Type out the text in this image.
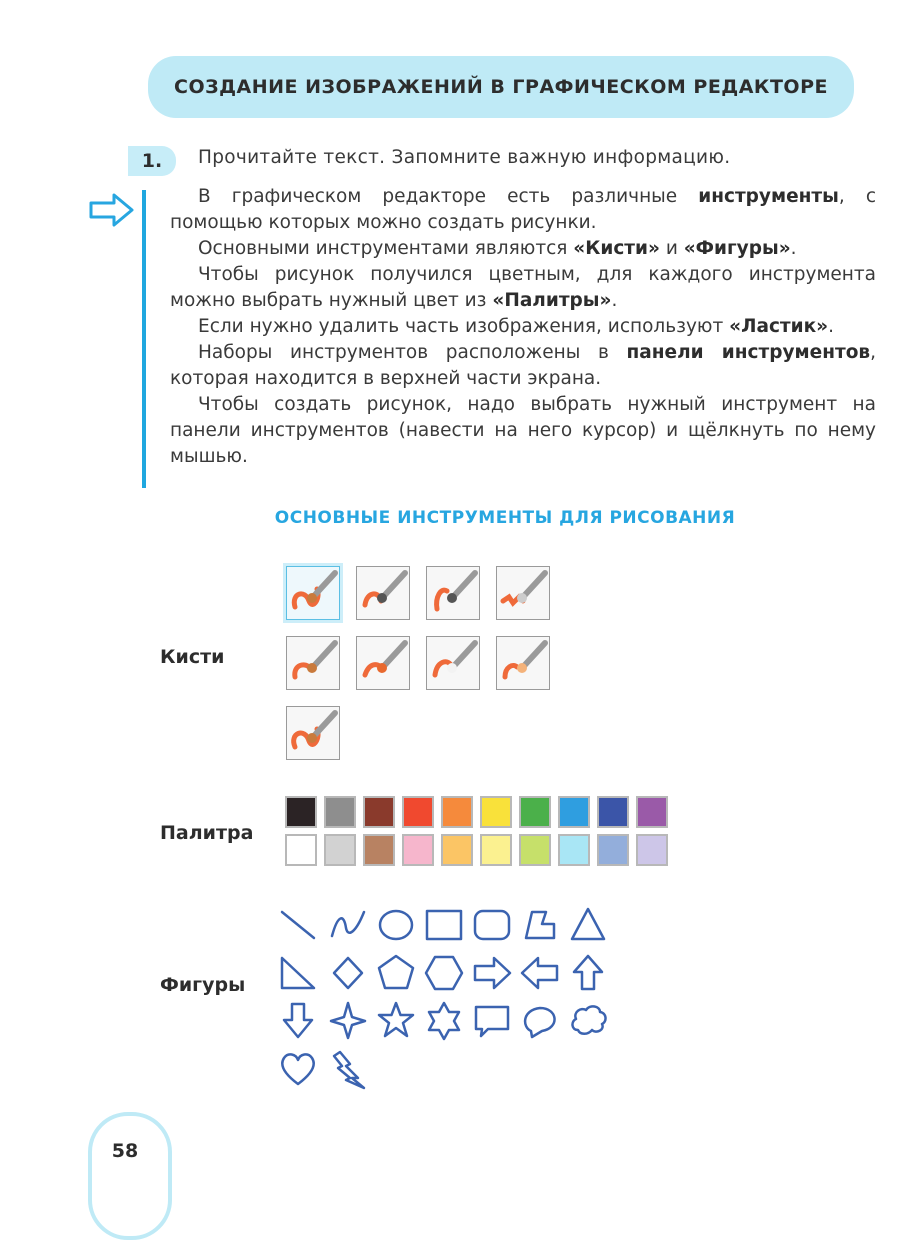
СОЗДАНИЕ ИЗОБРАЖЕНИЙ В ГРАФИЧЕСКОМ РЕДАКТОРЕ
1.	Прочитайте текст. Запомните важную информацию.

В графическом редакторе есть различные инструменты, с помощью которых можно создать рисунки.

Основными инструментами являются «Кисти» и «Фигуры».

Чтобы рисунок получился цветным, для каждого инструмента можно выбрать нужный цвет из «Палитры».

Если нужно удалить часть изображения, используют «Ластик».

Наборы инструментов расположены в панели инструментов, которая находится в верхней части экрана.

Чтобы создать рисунок, надо выбрать нужный инструмент на панели инструментов (навести на него курсор) и щёлкнуть по нему мышью.

ОСНОВНЫЕ ИНСТРУМЕНТЫ ДЛЯ РИСОВАНИЯ
Кисти
Палитра
Фигуры
58
